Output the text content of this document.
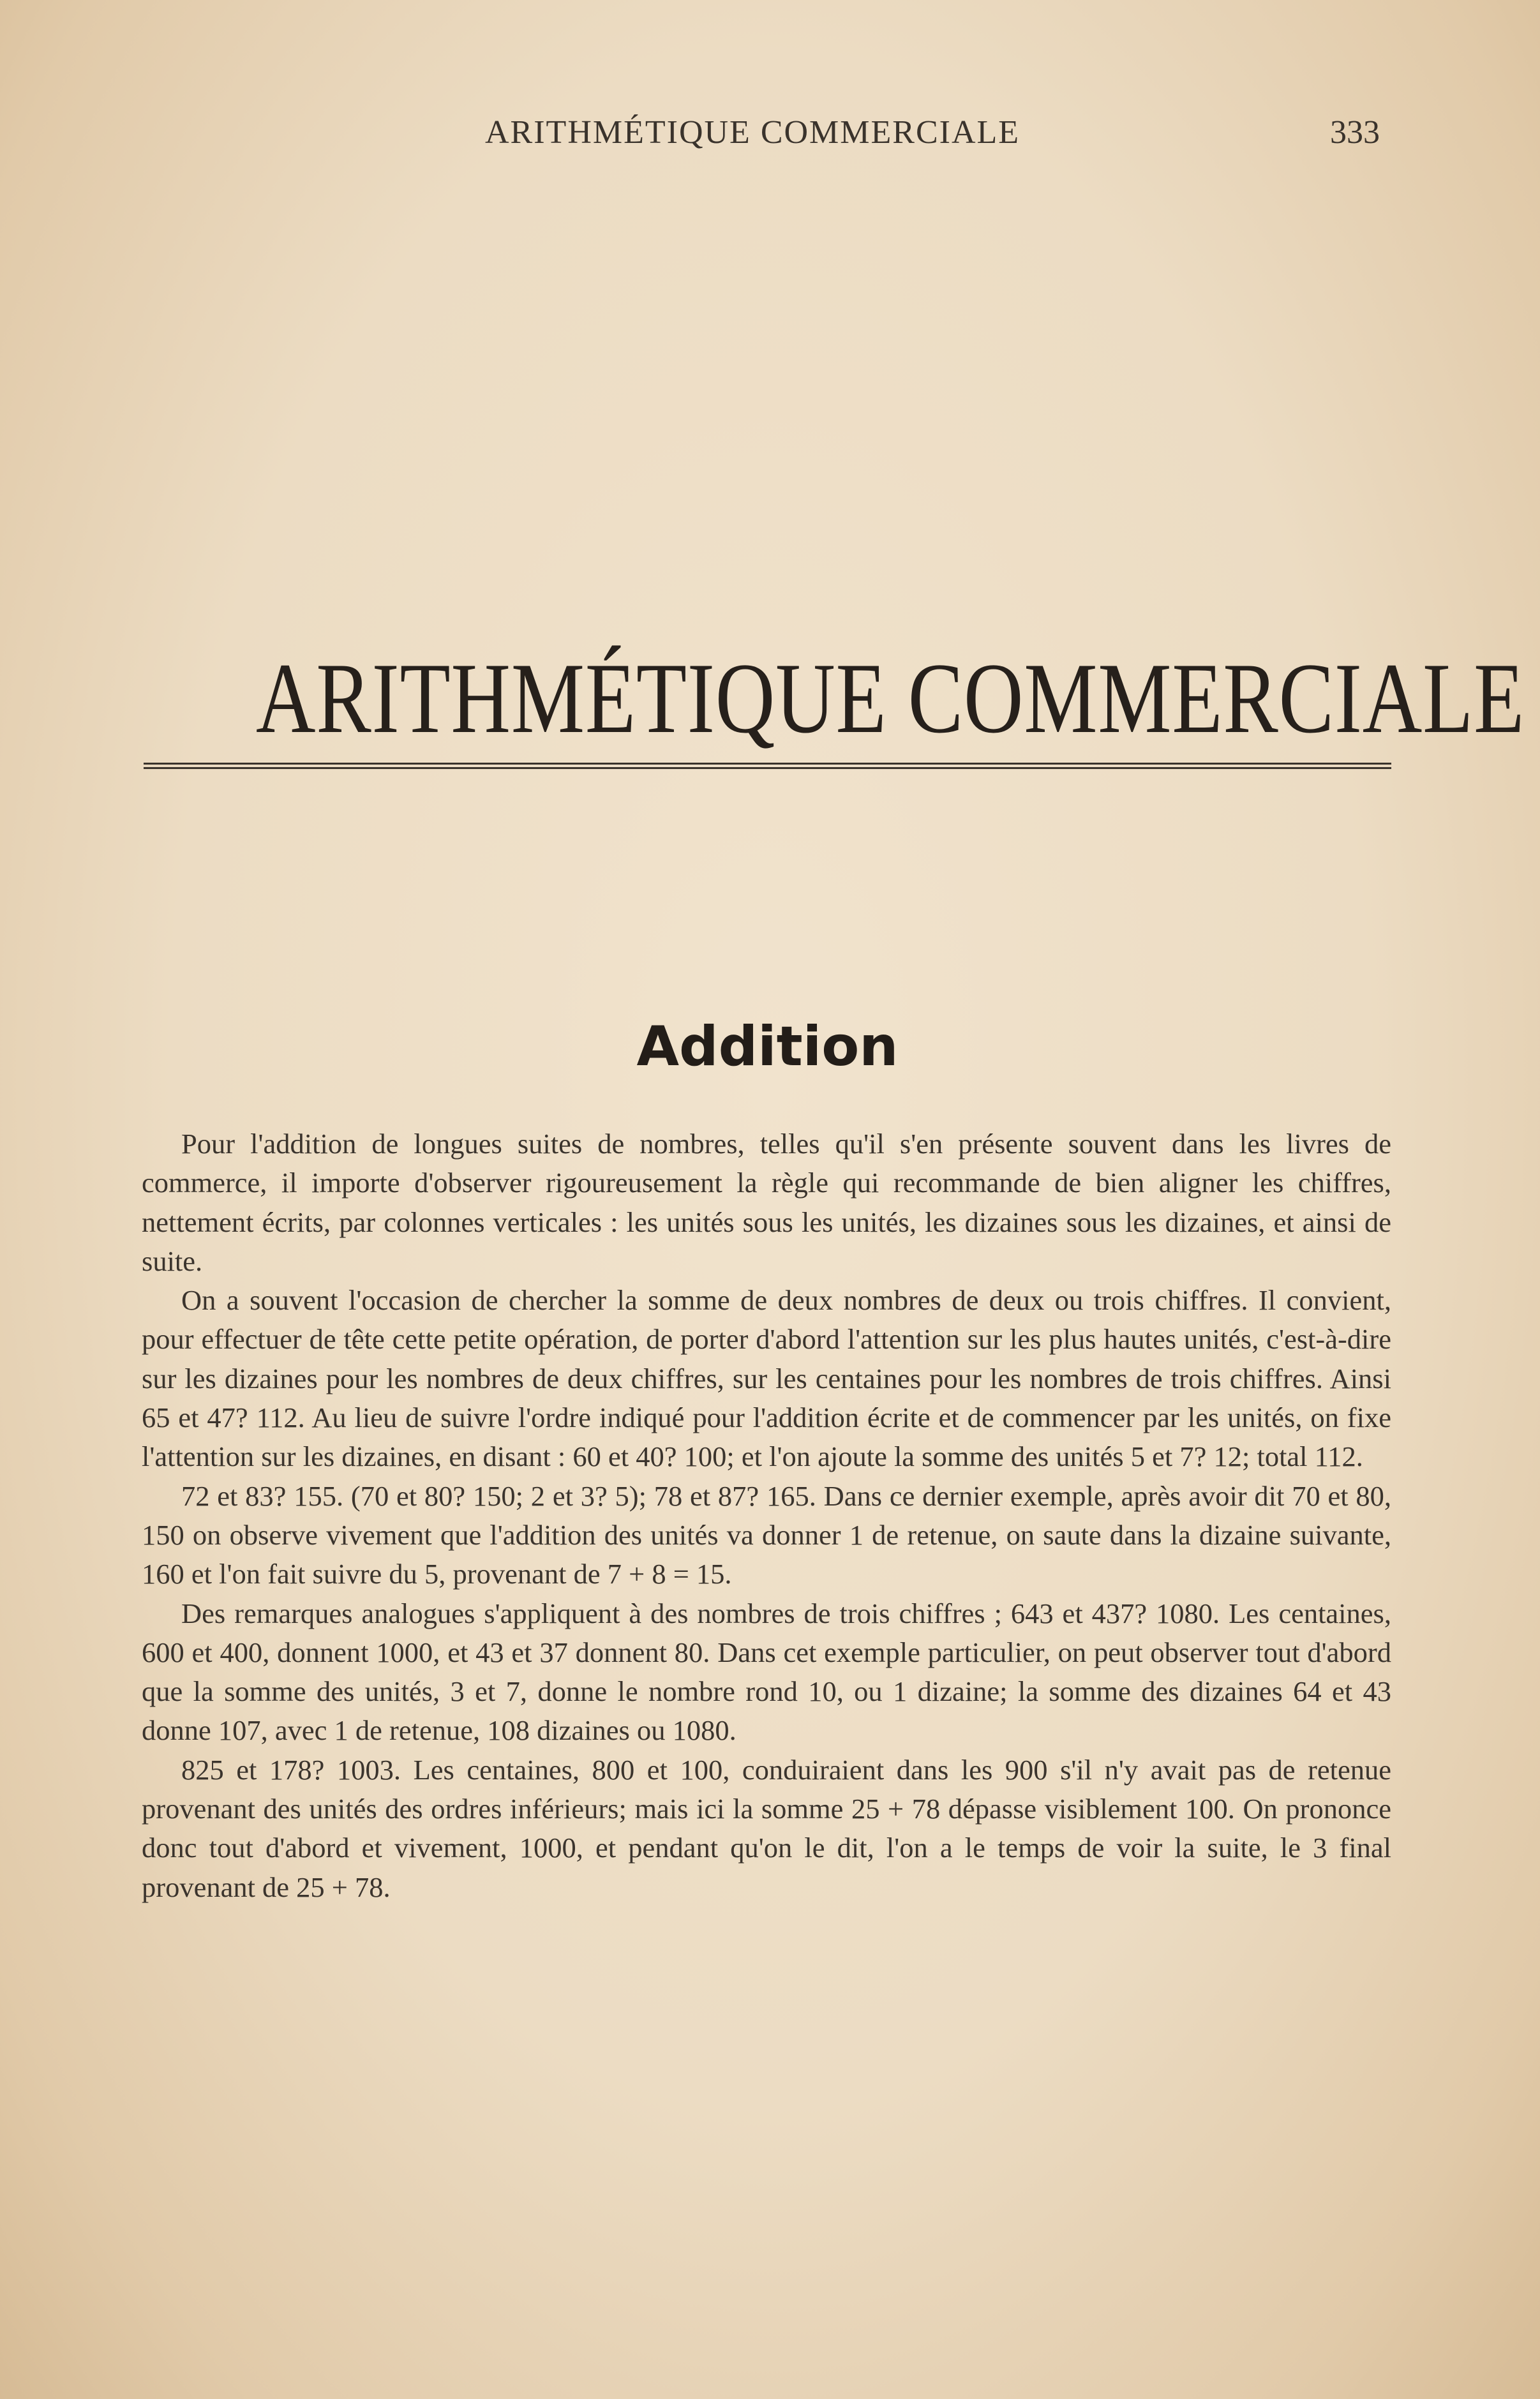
ARITHMÉTIQUE COMMERCIALE	333
ARITHMÉTIQUE COMMERCIALE
Addition

Pour l'addition de longues suites de nombres, telles qu'il s'en présente souvent dans les livres de commerce, il importe d'observer rigoureusement la règle qui recommande de bien aligner les chiffres, nettement écrits, par colonnes verticales : les unités sous les unités, les dizaines sous les dizaines, et ainsi de suite.

On a souvent l'occasion de chercher la somme de deux nombres de deux ou trois chiffres. Il convient, pour effectuer de tête cette petite opération, de porter d'abord l'attention sur les plus hautes unités, c'est-à-dire sur les dizaines pour les nombres de deux chiffres, sur les centaines pour les nombres de trois chiffres. Ainsi 65 et 47? 112. Au lieu de suivre l'ordre indiqué pour l'addition écrite et de commencer par les unités, on fixe l'attention sur les dizaines, en disant : 60 et 40? 100; et l'on ajoute la somme des unités 5 et 7? 12; total 112.

72 et 83? 155. (70 et 80? 150; 2 et 3? 5); 78 et 87? 165. Dans ce dernier exemple, après avoir dit 70 et 80, 150 on observe vivement que l'addition des unités va donner 1 de retenue, on saute dans la dizaine suivante, 160 et l'on fait suivre du 5, provenant de 7 + 8 = 15.

Des remarques analogues s'appliquent à des nombres de trois chiffres ; 643 et 437? 1080. Les centaines, 600 et 400, donnent 1000, et 43 et 37 donnent 80. Dans cet exemple particulier, on peut observer tout d'abord que la somme des unités, 3 et 7, donne le nombre rond 10, ou 1 dizaine; la somme des dizaines 64 et 43 donne 107, avec 1 de retenue, 108 dizaines ou 1080.

825 et 178? 1003. Les centaines, 800 et 100, conduiraient dans les 900 s'il n'y avait pas de retenue provenant des unités des ordres inférieurs; mais ici la somme 25 + 78 dépasse visiblement 100. On prononce donc tout d'abord et vivement, 1000, et pendant qu'on le dit, l'on a le temps de voir la suite, le 3 final provenant de 25 + 78.
